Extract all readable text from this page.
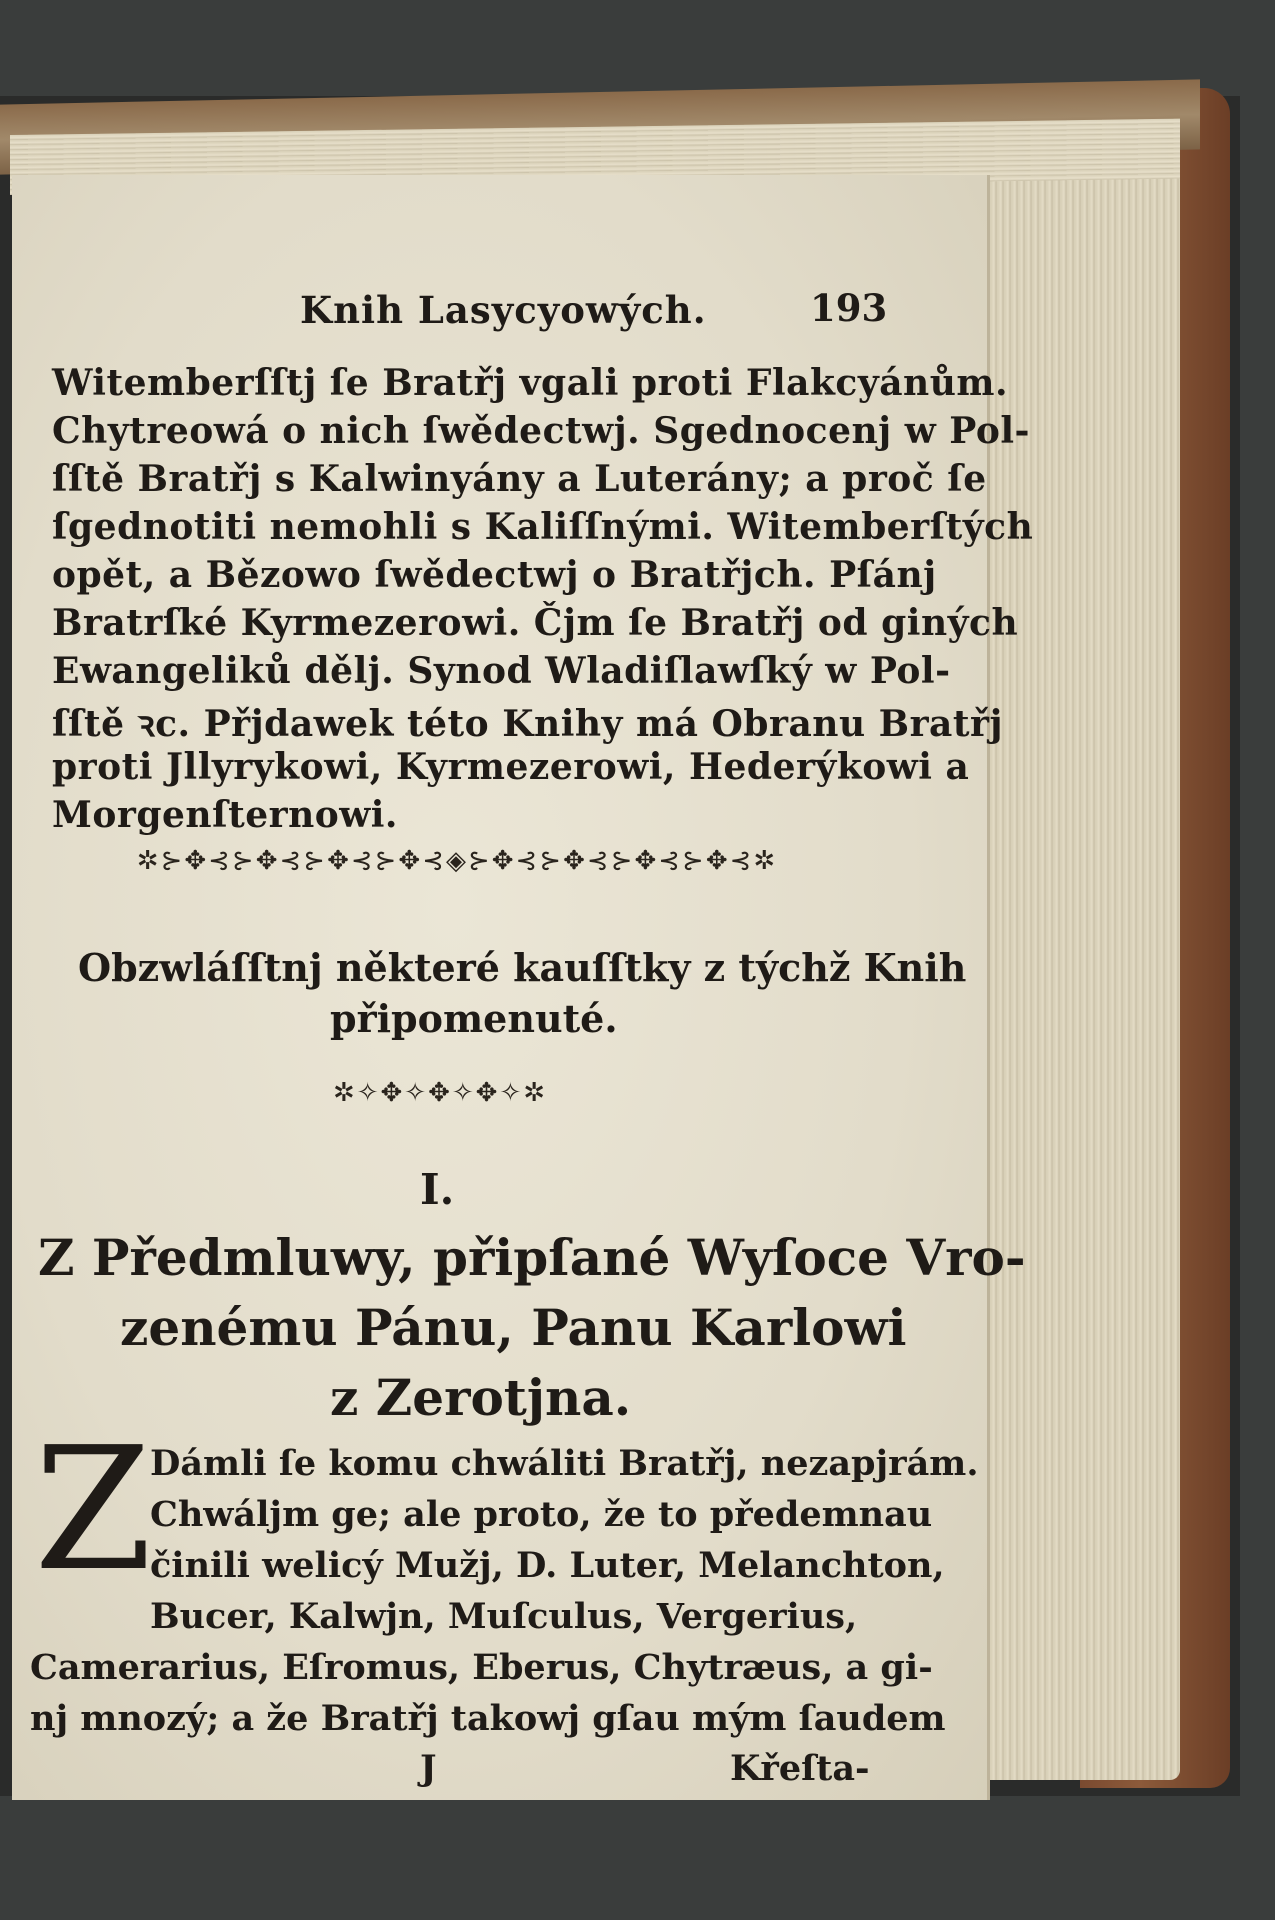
Knih Lasycyowých.	193
Witemberſſtj ſe Bratřj vgali proti Flakcyánům.
Chytreowá o nich ſwědectwj. Sgednocenj w Pol-
ſſtě Bratřj s Kalwinyány a Luterány; a proč ſe
ſgednotiti nemohli s Kaliſſnými. Witemberſtých
opět, a Bězowo ſwědectwj o Bratřjch. Pſánj
Bratrſké Kyrmezerowi. Čjm ſe Bratřj od giných
Ewangeliků dělj. Synod Wladiſlawſký w Pol-
ſſtě ꝛc. Přjdawek této Knihy má Obranu Bratřj
proti Jllyrykowi, Kyrmezerowi, Hederýkowi a
Morgenſternowi.
✲⊱✥⊰⊱✥⊰⊱✥⊰⊱✥⊰◈⊱✥⊰⊱✥⊰⊱✥⊰⊱✥⊰✲
Obzwláſſtnj některé kauſſtky z týchž Knih
připomenuté.
✲✧✥✧✥✧✥✧✲
I.
Z Předmluwy, připſané Wyſoce Vro-
zenému Pánu, Panu Karlowi
z Zerotjna.
Z
Dámli ſe komu chwáliti Bratřj, nezapjrám.
Chwáljm ge; ale proto, že to předemnau
činili welicý Mužj, D. Luter, Melanchton,
Bucer, Kalwjn, Muſculus, Vergerius,
Camerarius, Eſromus, Eberus, Chytræus, a gi-
nj mnozý; a že Bratřj takowj gſau mým ſaudem
J	Křeſta-
